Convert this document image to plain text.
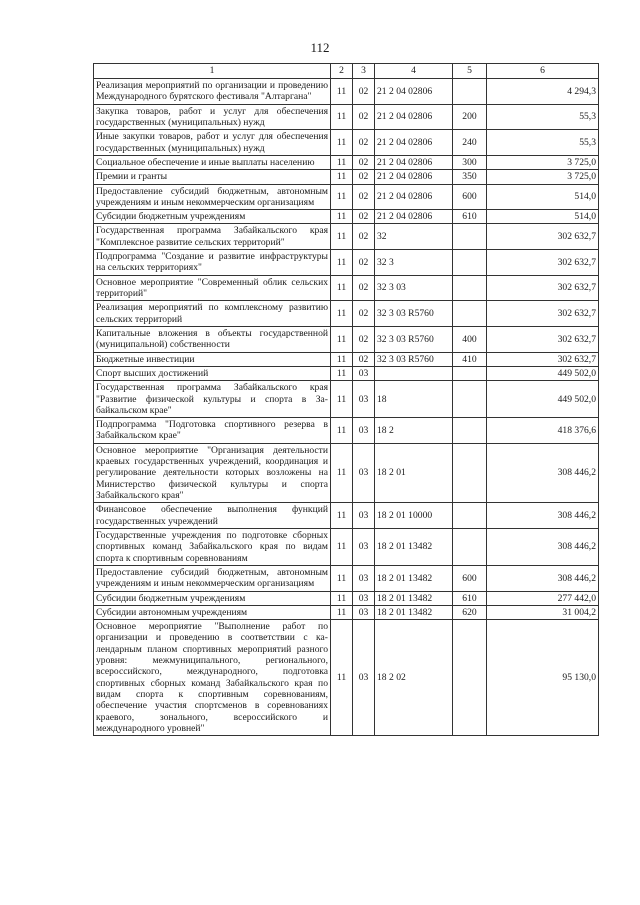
112
1	2	3	4	5	6
Реализация мероприятий по организации и проведению Международного бурятского фестиваля "Алтаргана"	11	02	21 2 04 02806		4 294,3
Закупка товаров, работ и услуг для обеспечения государственных (муниципальных) нужд	11	02	21 2 04 02806	200	55,3
Иные закупки товаров, работ и услуг для обеспечения государственных (муниципальных) нужд	11	02	21 2 04 02806	240	55,3
Социальное обеспечение и иные выплаты населению	11	02	21 2 04 02806	300	3 725,0
Премии и гранты	11	02	21 2 04 02806	350	3 725,0
Предоставление субсидий бюджетным, автономным учреждениям и иным некоммерческим организациям	11	02	21 2 04 02806	600	514,0
Субсидии бюджетным учреждениям	11	02	21 2 04 02806	610	514,0
Государственная программа Забайкальского края "Комплексное развитие сельских территорий"	11	02	32		302 632,7
Подпрограмма "Создание и развитие инфраструктуры на сельских территориях"	11	02	32 3		302 632,7
Основное мероприятие "Современный облик сельских территорий"	11	02	32 3 03		302 632,7
Реализация мероприятий по комплексному развитию сельских территорий	11	02	32 3 03 R5760		302 632,7
Капитальные вложения в объекты государственной (муниципальной) собственности	11	02	32 3 03 R5760	400	302 632,7
Бюджетные инвестиции	11	02	32 3 03 R5760	410	302 632,7
Спорт высших достижений	11	03			449 502,0
Государственная программа Забайкальского края "Развитие физической культуры и спорта в Забайкальском крае"	11	03	18		449 502,0
Подпрограмма "Подготовка спортивного резерва в Забайкальском крае"	11	03	18 2		418 376,6
Основное мероприятие "Организация деятельности краевых государственных учреждений, координация и регулирование деятельности которых возложены на Министерство физической культуры и спорта Забайкальского края"	11	03	18 2 01		308 446,2
Финансовое обеспечение выполнения функций государственных учреждений	11	03	18 2 01 10000		308 446,2
Государственные учреждения по подготовке сборных спортивных команд Забайкальского края по видам спорта к спортивным соревнованиям	11	03	18 2 01 13482		308 446,2
Предоставление субсидий бюджетным, автономным учреждениям и иным некоммерческим организациям	11	03	18 2 01 13482	600	308 446,2
Субсидии бюджетным учреждениям	11	03	18 2 01 13482	610	277 442,0
Субсидии автономным учреждениям	11	03	18 2 01 13482	620	31 004,2
Основное мероприятие "Выполнение работ по организации и проведению в соответствии с календарным планом спортивных мероприятий разного уровня: межмуниципального, регионального, всероссийского, международного, подготовка спортивных сборных команд Забайкальского края по видам спорта к спортивным соревнованиям, обеспечение участия спортсменов в соревнованиях краевого, зонального, всероссийского и международного уровней"	11	03	18 2 02		95 130,0
